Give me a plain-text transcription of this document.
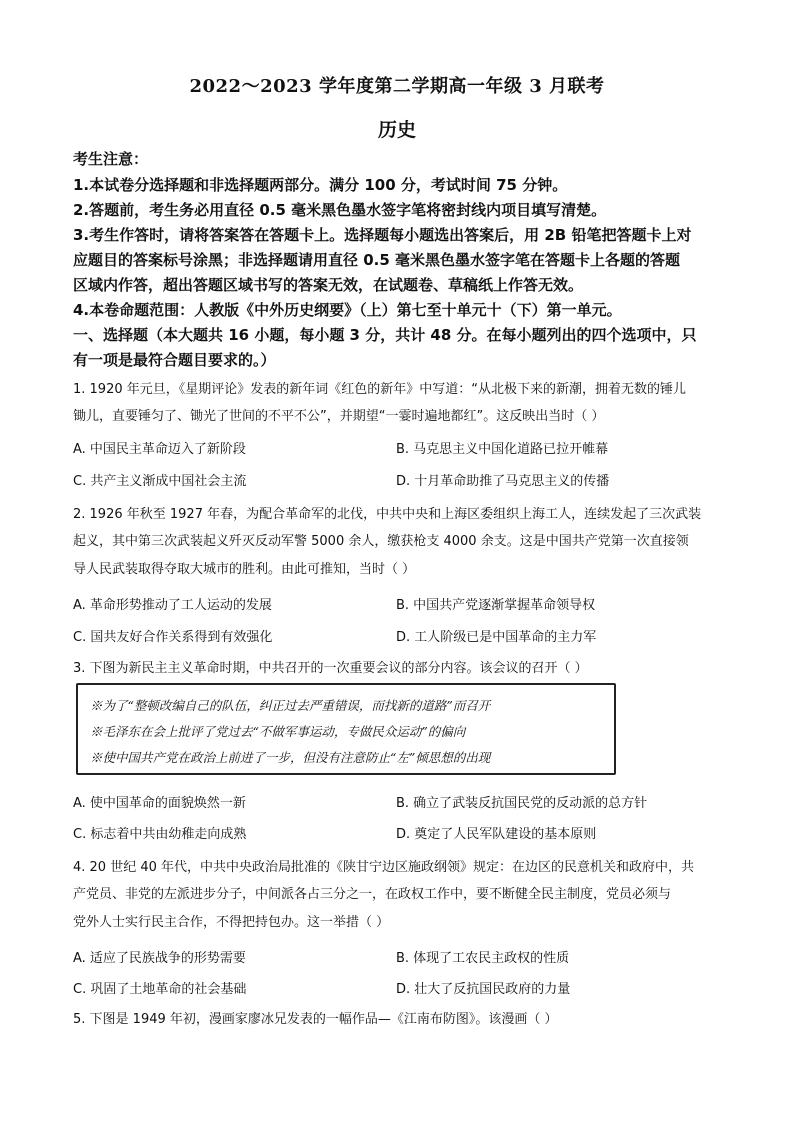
2022～2023 学年度第二学期高一年级 3 月联考
历史
考生注意：
1.本试卷分选择题和非选择题两部分。满分 100 分，考试时间 75 分钟。
2.答题前，考生务必用直径 0.5 毫米黑色墨水签字笔将密封线内项目填写清楚。
3.考生作答时，请将答案答在答题卡上。选择题每小题选出答案后，用 2B 铅笔把答题卡上对
应题目的答案标号涂黑；非选择题请用直径 0.5 毫米黑色墨水签字笔在答题卡上各题的答题
区域内作答，超出答题区域书写的答案无效，在试题卷、草稿纸上作答无效。
4.本卷命题范围：人教版《中外历史纲要》（上）第七至十单元十（下）第一单元。
一、选择题（本大题共 16 小题，每小题 3 分，共计 48 分。在每小题列出的四个选项中，只
有一项是最符合题目要求的。）
1. 1920 年元旦，《星期评论》发表的新年词《红色的新年》中写道：“从北极下来的新潮，拥着无数的锤儿
锄儿，直要锤匀了、锄光了世间的不平不公”，并期望“一霎时遍地都红”。这反映出当时（ ）
A. 中国民主革命迈入了新阶段	B. 马克思主义中国化道路已拉开帷幕
C. 共产主义渐成中国社会主流	D. 十月革命助推了马克思主义的传播
2. 1926 年秋至 1927 年春，为配合革命军的北伐，中共中央和上海区委组织上海工人，连续发起了三次武装
起义，其中第三次武装起义歼灭反动军警 5000 余人，缴获枪支 4000 余支。这是中国共产党第一次直接领
导人民武装取得夺取大城市的胜利。由此可推知，当时（ ）
A. 革命形势推动了工人运动的发展	B. 中国共产党逐渐掌握革命领导权
C. 国共友好合作关系得到有效强化	D. 工人阶级已是中国革命的主力军
3. 下图为新民主主义革命时期，中共召开的一次重要会议的部分内容。该会议的召开（ ）
※为了“整顿改编自己的队伍，纠正过去严重错误，而找新的道路”而召开
※毛泽东在会上批评了党过去“不做军事运动，专做民众运动”的偏向
※使中国共产党在政治上前进了一步，但没有注意防止“左”倾思想的出现
A. 使中国革命的面貌焕然一新	B. 确立了武装反抗国民党的反动派的总方针
C. 标志着中共由幼稚走向成熟	D. 奠定了人民军队建设的基本原则
4. 20 世纪 40 年代，中共中央政治局批准的《陕甘宁边区施政纲领》规定：在边区的民意机关和政府中，共
产党员、非党的左派进步分子，中间派各占三分之一，在政权工作中，要不断健全民主制度，党员必须与
党外人士实行民主合作，不得把持包办。这一举措（ ）
A. 适应了民族战争的形势需要	B. 体现了工农民主政权的性质
C. 巩固了土地革命的社会基础	D. 壮大了反抗国民政府的力量
5. 下图是 1949 年初，漫画家廖冰兄发表的一幅作品—《江南布防图》。该漫画（ ）
